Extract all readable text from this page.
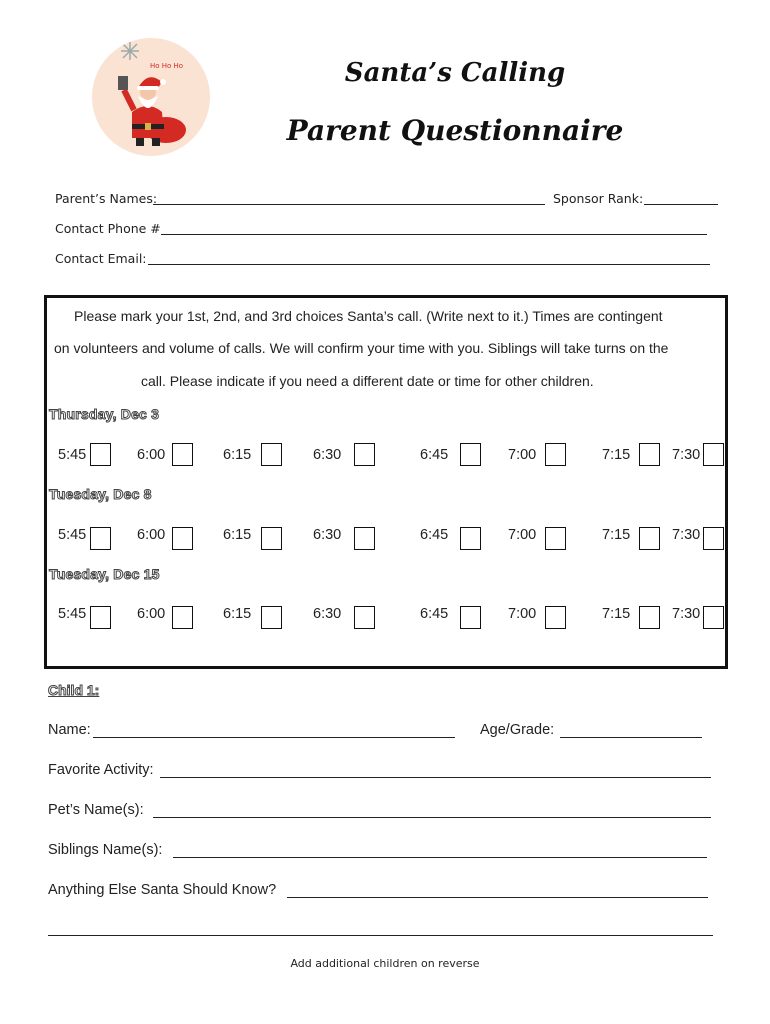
Ho Ho Ho	Santa’s Calling
Parent Questionnaire
Parent’s Names:	Sponsor Rank:
Contact Phone #
Contact Email:
Please mark your 1st, 2nd, and 3rd choices Santa’s call. (Write next to it.) Times are contingent
on volunteers and volume of calls. We will confirm your time with you. Siblings will take turns on the
call. Please indicate if you need a different date or time for other children.
Thursday, Dec 3
5:45	6:00	6:15	6:30	6:45	7:00	7:15	7:30
Tuesday, Dec 8
5:45	6:00	6:15	6:30	6:45	7:00	7:15	7:30
Tuesday, Dec 15
5:45	6:00	6:15	6:30	6:45	7:00	7:15	7:30
Child 1:
Name:	Age/Grade:
Favorite Activity:
Pet’s Name(s):
Siblings Name(s):
Anything Else Santa Should Know?
Add additional children on reverse
